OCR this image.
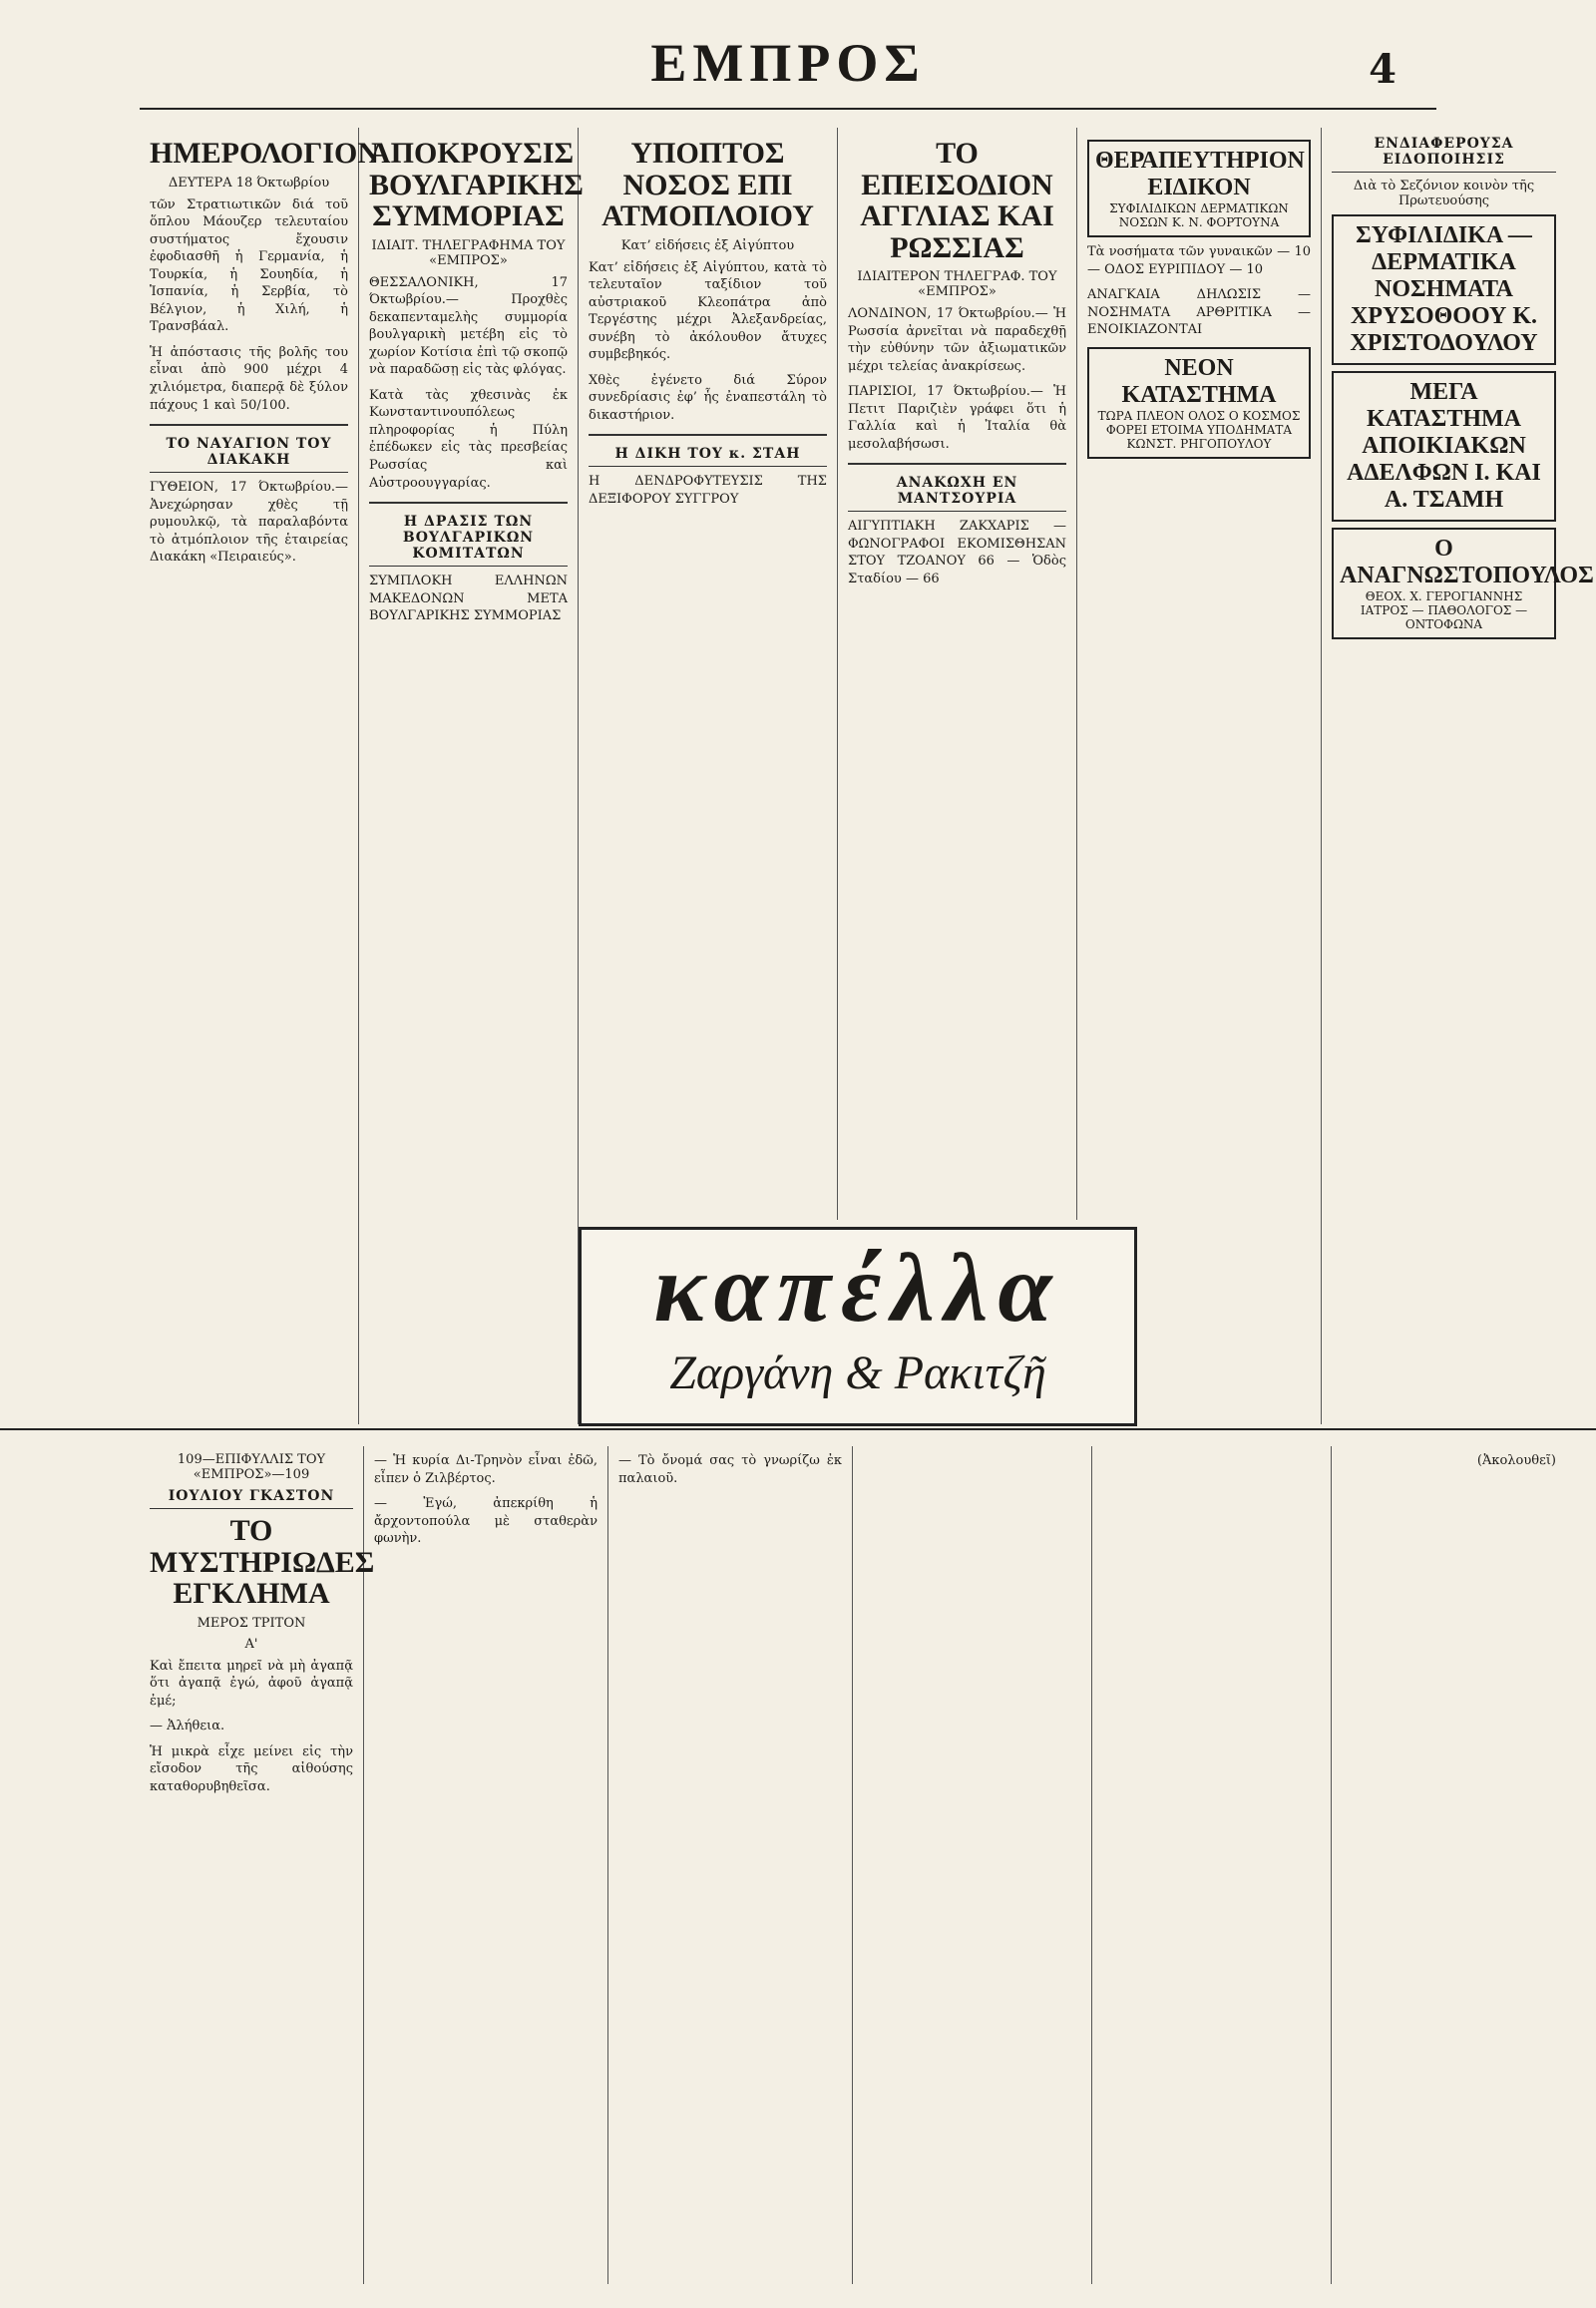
ΕΜΠΡΟΣ	4
ΗΜΕΡΟΛΟΓΙΟΝ
ΔΕΥΤΕΡΑ 18 Όκτωβρίου

τῶν Στρατιωτικῶν διά τοῦ ὅπλου Μάουζερ τελευταίου συστήματος ἔχουσιν ἐφοδιασθῆ ἡ Γερμανία, ἡ Τουρκία, ἡ Σουηδία, ἡ Ἱσπανία, ἡ Σερβία, τὸ Βέλγιον, ἡ Χιλή, ἡ Τρανσβάαλ.

Ἡ ἀπόστασις τῆς βολῆς του εἶναι ἀπὸ 900 μέχρι 4 χιλιόμετρα, διαπερᾷ δὲ ξύλον πάχους 1 καὶ 50/100.

ΤΟ ΝΑΥΑΓΙΟΝ ΤΟΥ ΔΙΑΚΑΚΗ

ΓΥΘΕΙΟΝ, 17 Όκτωβρίου.— Ἀνεχώρησαν χθὲς τῇ ρυμουλκῷ, τὰ παραλαβόντα τὸ ἀτμόπλοιον τῆς ἑταιρείας Διακάκη «Πειραιεύς».

ΑΠΟΚΡΟΥΣΙΣ ΒΟΥΛΓΑΡΙΚΗΣ ΣΥΜΜΟΡΙΑΣ
ΙΔΙΑΙΤ. ΤΗΛΕΓΡΑΦΗΜΑ ΤΟΥ «ΕΜΠΡΟΣ»

ΘΕΣΣΑΛΟΝΙΚΗ, 17 Όκτωβρίου.— Προχθὲς δεκαπενταμελὴς συμμορία βουλγαρικὴ μετέβη εἰς τὸ χωρίον Κοτίσια ἐπὶ τῷ σκοπῷ νὰ παραδῶσῃ εἰς τὰς φλόγας.

Κατὰ τὰς χθεσινὰς ἐκ Κωνσταντινουπόλεως πληροφορίας ἡ Πύλη ἐπέδωκεν εἰς τὰς πρεσβείας Ρωσσίας καὶ Αὐστροουγγαρίας.

Η ΔΡΑΣΙΣ ΤΩΝ ΒΟΥΛΓΑΡΙΚΩΝ ΚΟΜΙΤΑΤΩΝ

ΣΥΜΠΛΟΚΗ ΕΛΛΗΝΩΝ ΜΑΚΕΔΟΝΩΝ ΜΕΤΑ ΒΟΥΛΓΑΡΙΚΗΣ ΣΥΜΜΟΡΙΑΣ

ΥΠΟΠΤΟΣ ΝΟΣΟΣ ΕΠΙ ΑΤΜΟΠΛΟΙΟΥ
Κατ’ εἰδήσεις ἐξ Αἰγύπτου

Κατ’ εἰδήσεις ἐξ Αἰγύπτου, κατὰ τὸ τελευταῖον ταξίδιον τοῦ αὐστριακοῦ Κλεοπάτρα ἀπὸ Τεργέστης μέχρι Ἀλεξανδρείας, συνέβη τὸ ἀκόλουθον ἄτυχες συμβεβηκός.

Χθὲς ἐγένετο διά Σύρον συνεδρίασις ἐφ’ ἧς ἐναπεστάλη τὸ δικαστήριον.

Η ΔΙΚΗ ΤΟΥ κ. ΣΤΑΗ

Η ΔΕΝΔΡΟΦΥΤΕΥΣΙΣ ΤΗΣ ΔΕΞΙΦΟΡΟΥ ΣΥΓΓΡΟΥ

ΤΟ ΕΠΕΙΣΟΔΙΟΝ ΑΓΓΛΙΑΣ ΚΑΙ ΡΩΣΣΙΑΣ
ΙΔΙΑΙΤΕΡΟΝ ΤΗΛΕΓΡΑΦ. ΤΟΥ «ΕΜΠΡΟΣ»

ΛΟΝΔΙΝΟΝ, 17 Όκτωβρίου.— Ἡ Ρωσσία ἀρνεῖται νὰ παραδεχθῇ τὴν εὐθύνην τῶν ἀξιωματικῶν μέχρι τελείας ἀνακρίσεως.

ΠΑΡΙΣΙΟΙ, 17 Όκτωβρίου.— Ἡ Πετιτ Παριζιὲν γράφει ὅτι ἡ Γαλλία καὶ ἡ Ἰταλία θὰ μεσολαβήσωσι.

ΑΝΑΚΩΧΗ ΕΝ ΜΑΝΤΣΟΥΡΙΑ

ΑΙΓΥΠΤΙΑΚΗ ΖΑΚΧΑΡΙΣ — ΦΩΝΟΓΡΑΦΟΙ ΕΚΟΜΙΣΘΗΣΑΝ ΣΤΟΥ ΤΖΟΑΝΟΥ 66 — Ὁδὸς Σταδίου — 66

ΘΕΡΑΠΕΥΤΗΡΙΟΝ ΕΙΔΙΚΟΝ
ΣΥΦΙΛΙΔΙΚΩΝ ΔΕΡΜΑΤΙΚΩΝ ΝΟΣΩΝ Κ. Ν. ΦΟΡΤΟΥΝΑ

Τὰ νοσήματα τῶν γυναικῶν — 10 — ΟΔΟΣ ΕΥΡΙΠΙΔΟΥ — 10

ΑΝΑΓΚΑΙΑ ΔΗΛΩΣΙΣ — ΝΟΣΗΜΑΤΑ ΑΡΘΡΙΤΙΚΑ — ΕΝΟΙΚΙΑΖΟΝΤΑΙ

ΝΕΟΝ ΚΑΤΑΣΤΗΜΑ
ΤΩΡΑ ΠΛΕΟΝ ΟΛΟΣ Ο ΚΟΣΜΟΣ ΦΟΡΕΙ ΕΤΟΙΜΑ ΥΠΟΔΗΜΑΤΑ ΚΩΝΣΤ. ΡΗΓΟΠΟΥΛΟΥ
ΕΝΔΙΑΦΕΡΟΥΣΑ ΕΙΔΟΠΟΙΗΣΙΣ
Διὰ τὸ Σεζόνιον κοινὸν τῆς Πρωτευούσης
ΣΥΦΙΛΙΔΙΚΑ — ΔΕΡΜΑΤΙΚΑ ΝΟΣΗΜΑΤΑ ΧΡΥΣΟΘΟΟΥ Κ. ΧΡΙΣΤΟΔΟΥΛΟΥ
ΜΕΓΑ ΚΑΤΑΣΤΗΜΑ ΑΠΟΙΚΙΑΚΩΝ ΑΔΕΛΦΩΝ Ι. ΚΑΙ Α. ΤΣΑΜΗ
Ο ΑΝΑΓΝΩΣΤΟΠΟΥΛΟΣ
ΘΕΟΧ. Χ. ΓΕΡΟΓΙΑΝΝΗΣ ΙΑΤΡΟΣ — ΠΑΘΟΛΟΓΟΣ — ΟΝΤΟΦΩΝΑ
καπέλλα
Ζαργάνη & Ρακιτζῆ
109—ΕΠΙΦΥΛΛΙΣ ΤΟΥ «ΕΜΠΡΟΣ»—109
ΙΟΥΛΙΟΥ ΓΚΑΣΤΟΝ
ΤΟ ΜΥΣΤΗΡΙΩΔΕΣ ΕΓΚΛΗΜΑ
ΜΕΡΟΣ ΤΡΙΤΟΝ
Α'

Καὶ ἔπειτα μηρεῖ νὰ μὴ ἀγαπᾷ ὅτι ἀγαπᾷ ἐγώ, ἀφοῦ ἀγαπᾷ ἐμέ;

— Ἀλήθεια.

Ἡ μικρὰ εἶχε μείνει εἰς τὴν εἴσοδον τῆς αἰθούσης καταθορυβηθεῖσα.

— Ἡ κυρία Δι-Τρηνὸν εἶναι ἐδῶ, εἶπεν ὁ Ζιλβέρτος.

— Ἐγώ, ἀπεκρίθη ἡ ἄρχοντοπούλα μὲ σταθερὰν φωνὴν.

— Τὸ ὄνομά σας τὸ γνωρίζω ἐκ παλαιοῦ.

(Ἀκολουθεῖ)
